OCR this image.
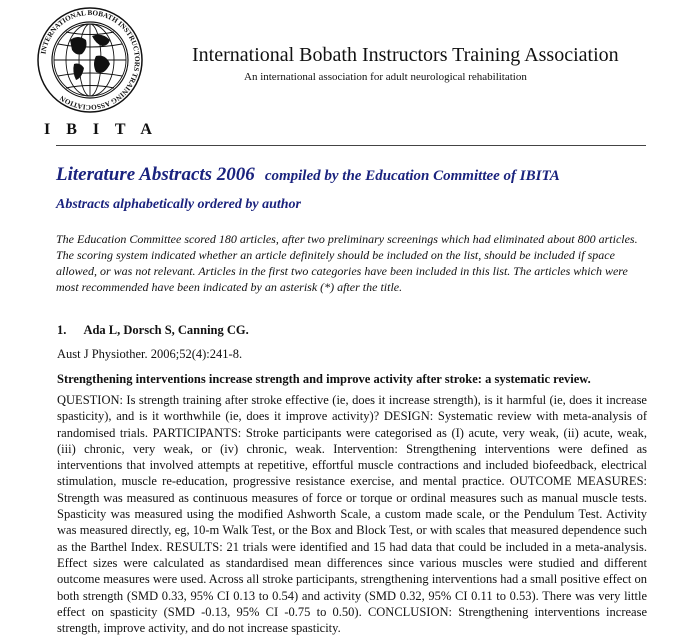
INTERNATIONAL BOBATH INSTRUCTORS TRAINING ASSOCIATION
I B I T A
International Bobath Instructors Training Association
An international association for adult neurological rehabilitation
Literature Abstracts 2006 compiled by the Education Committee of IBITA
Abstracts alphabetically ordered by author

The Education Committee scored 180 articles, after two preliminary screenings which had eliminated about 800 articles. The scoring system indicated whether an article definitely should be included on the list, should be included if space allowed, or was not relevant. Articles in the first two categories have been included in this list. The articles which were most recommended have been indicated by an asterisk (*) after the title.

1. Ada L, Dorsch S, Canning CG.
Aust J Physiother. 2006;52(4):241-8.
Strengthening interventions increase strength and improve activity after stroke: a systematic review.

QUESTION: Is strength training after stroke effective (ie, does it increase strength), is it harmful (ie, does it increase spasticity), and is it worthwhile (ie, does it improve activity)? DESIGN: Systematic review with meta-analysis of randomised trials. PARTICIPANTS: Stroke participants were categorised as (I) acute, very weak, (ii) acute, weak, (iii) chronic, very weak, or (iv) chronic, weak. Intervention: Strengthening interventions were defined as interventions that involved attempts at repetitive, effortful muscle contractions and included biofeedback, electrical stimulation, muscle re-education, progressive resistance exercise, and mental practice. OUTCOME MEASURES: Strength was measured as continuous measures of force or torque or ordinal measures such as manual muscle tests. Spasticity was measured using the modified Ashworth Scale, a custom made scale, or the Pendulum Test. Activity was measured directly, eg, 10-m Walk Test, or the Box and Block Test, or with scales that measured dependence such as the Barthel Index. RESULTS: 21 trials were identified and 15 had data that could be included in a meta-analysis. Effect sizes were calculated as standardised mean differences since various muscles were studied and different outcome measures were used. Across all stroke participants, strengthening interventions had a small positive effect on both strength (SMD 0.33, 95% CI 0.13 to 0.54) and activity (SMD 0.32, 95% CI 0.11 to 0.53). There was very little effect on spasticity (SMD -0.13, 95% CI -0.75 to 0.50). CONCLUSION: Strengthening interventions increase strength, improve activity, and do not increase spasticity.
